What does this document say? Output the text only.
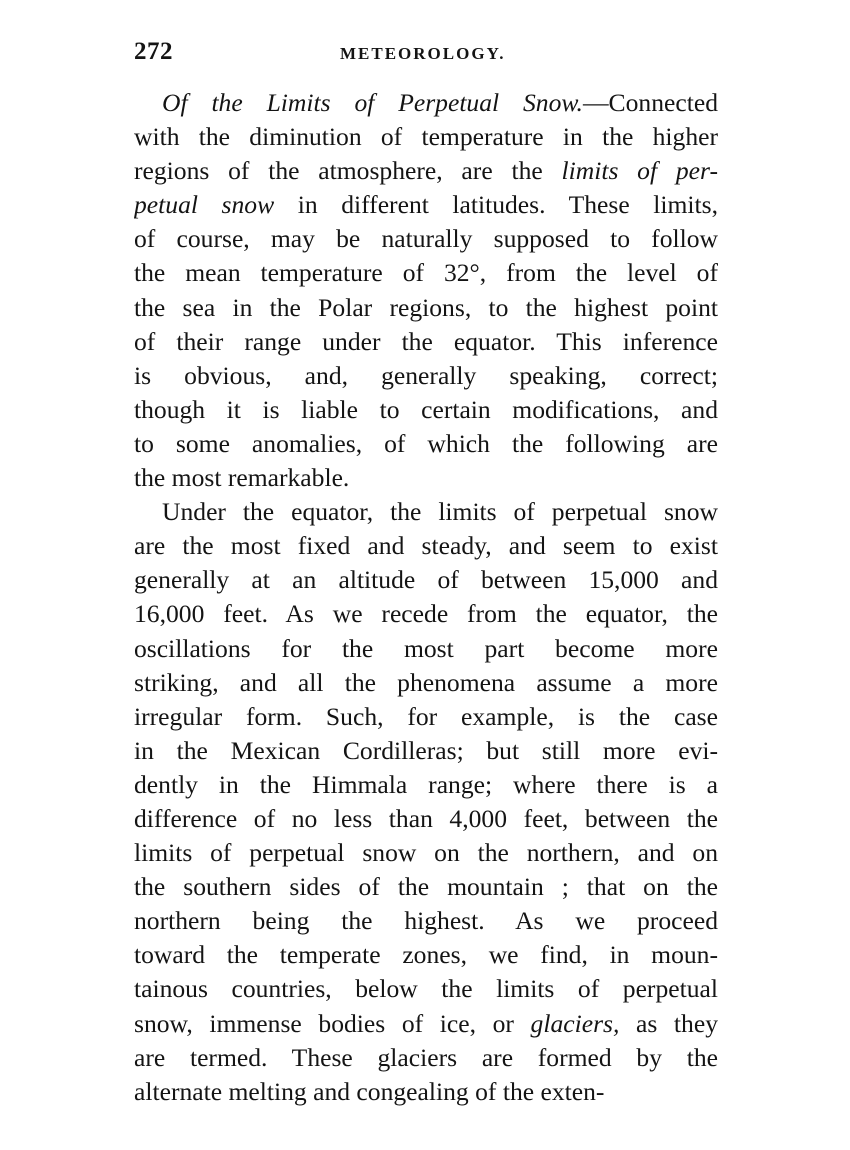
272	METEOROLOGY.
Of the Limits of Perpetual Snow.—Connected
with the diminution of temperature in the higher
regions of the atmosphere, are the limits of per-
petual snow in different latitudes. These limits,
of course, may be naturally supposed to follow
the mean temperature of 32°, from the level of
the sea in the Polar regions, to the highest point
of their range under the equator. This inference
is obvious, and, generally speaking, correct;
though it is liable to certain modifications, and
to some anomalies, of which the following are
the most remarkable.
Under the equator, the limits of perpetual snow
are the most fixed and steady, and seem to exist
generally at an altitude of between 15,000 and
16,000 feet. As we recede from the equator, the
oscillations for the most part become more
striking, and all the phenomena assume a more
irregular form. Such, for example, is the case
in the Mexican Cordilleras; but still more evi-
dently in the Himmala range; where there is a
difference of no less than 4,000 feet, between the
limits of perpetual snow on the northern, and on
the southern sides of the mountain ; that on the
northern being the highest. As we proceed
toward the temperate zones, we find, in moun-
tainous countries, below the limits of perpetual
snow, immense bodies of ice, or glaciers, as they
are termed. These glaciers are formed by the
alternate melting and congealing of the exten-
